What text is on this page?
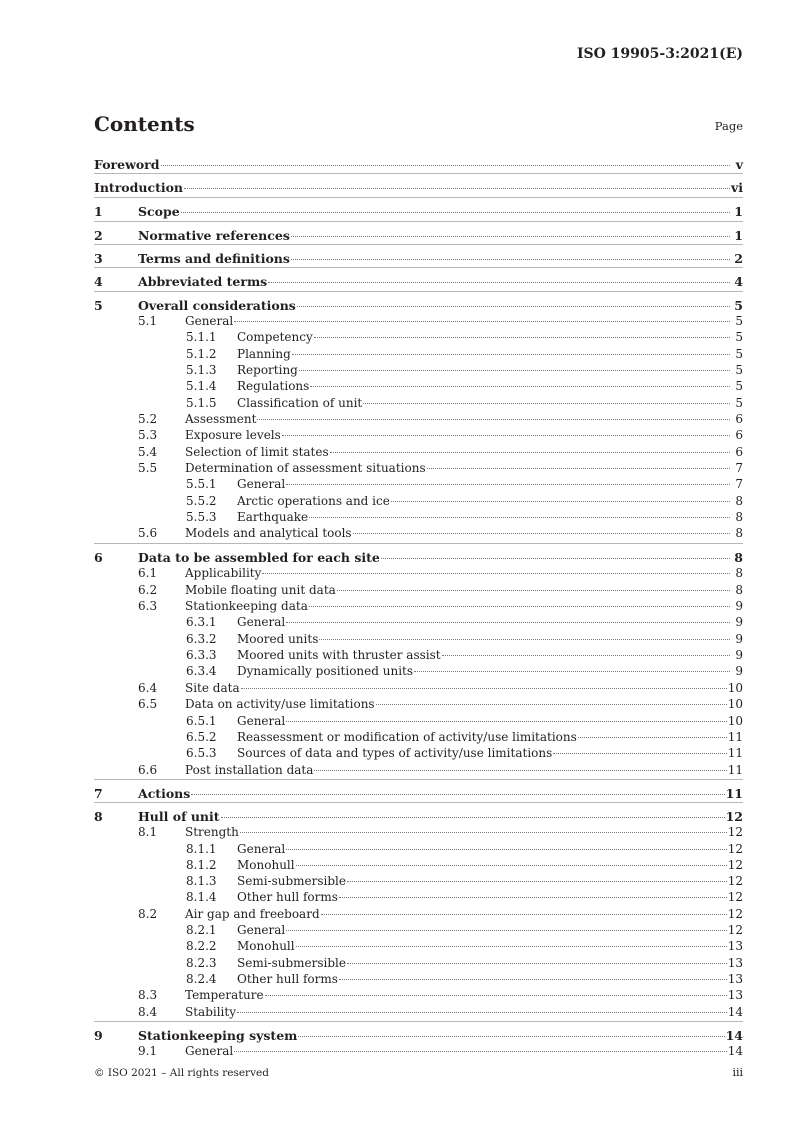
ISO 19905-3:2021(E)
Contents	Page
Foreword	v
Introduction	vi
1	Scope	1
2	Normative references	1
3	Terms and definitions	2
4	Abbreviated terms	4
5	Overall considerations	5
5.1	General	5
5.1.1	Competency	5
5.1.2	Planning	5
5.1.3	Reporting	5
5.1.4	Regulations	5
5.1.5	Classification of unit	5
5.2	Assessment	6
5.3	Exposure levels	6
5.4	Selection of limit states	6
5.5	Determination of assessment situations	7
5.5.1	General	7
5.5.2	Arctic operations and ice	8
5.5.3	Earthquake	8
5.6	Models and analytical tools	8
6	Data to be assembled for each site	8
6.1	Applicability	8
6.2	Mobile floating unit data	8
6.3	Stationkeeping data	9
6.3.1	General	9
6.3.2	Moored units	9
6.3.3	Moored units with thruster assist	9
6.3.4	Dynamically positioned units	9
6.4	Site data	10
6.5	Data on activity/use limitations	10
6.5.1	General	10
6.5.2	Reassessment or modification of activity/use limitations	11
6.5.3	Sources of data and types of activity/use limitations	11
6.6	Post installation data	11
7	Actions	11
8	Hull of unit	12
8.1	Strength	12
8.1.1	General	12
8.1.2	Monohull	12
8.1.3	Semi-submersible	12
8.1.4	Other hull forms	12
8.2	Air gap and freeboard	12
8.2.1	General	12
8.2.2	Monohull	13
8.2.3	Semi-submersible	13
8.2.4	Other hull forms	13
8.3	Temperature	13
8.4	Stability	14
9	Stationkeeping system	14
9.1	General	14
© ISO 2021 – All rights reserved	iii
